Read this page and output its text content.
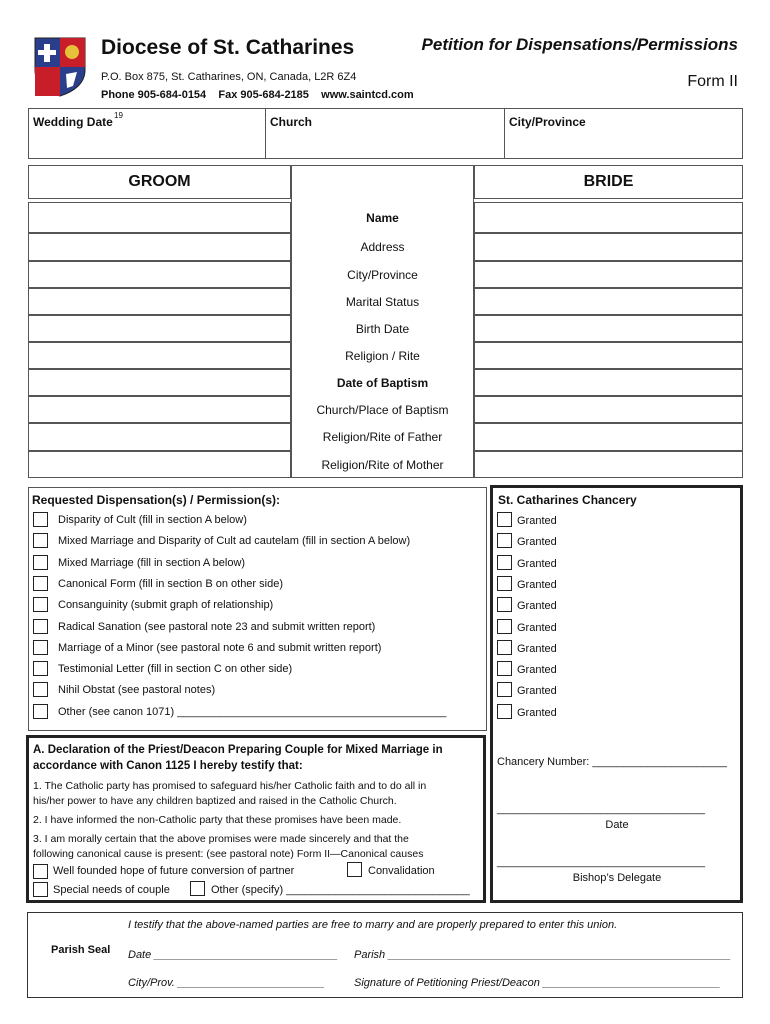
Diocese of St. Catharines
P.O. Box 875, St. Catharines, ON, Canada, L2R 6Z4
Phone 905-684-0154    Fax 905-684-2185    www.saintcd.com
Petition for Dispensations/Permissions
Form II
Wedding Date 19	Church	City/Province
GROOM	BRIDE
Name
Address
City/Province
Marital Status
Birth Date
Religion / Rite
Date of Baptism
Church/Place of Baptism
Religion/Rite of Father
Religion/Rite of Mother
Requested Dispensation(s) / Permission(s):
Disparity of Cult (fill in section A below)
Mixed Marriage and Disparity of Cult ad cautelam (fill in section A below)
Mixed Marriage (fill in section A below)
Canonical Form (fill in section B on other side)
Consanguinity (submit graph of relationship)
Radical Sanation (see pastoral note 23 and submit written report)
Marriage of a Minor (see pastoral note 6 and submit written report)
Testimonial Letter (fill in section C on other side)
Nihil Obstat (see pastoral notes)
Other (see canon 1071) ____________________________________________
St. Catharines Chancery
Granted
Granted
Granted
Granted
Granted
Granted
Granted
Granted
Granted
Granted
Chancery Number: ______________________
__________________________________
Date
__________________________________
Bishop’s Delegate
A. Declaration of the Priest/Deacon Preparing Couple for Mixed Marriage in
accordance with Canon 1125 I hereby testify that:
1. The Catholic party has promised to safeguard his/her Catholic faith and to do all in
his/her power to have any children baptized and raised in the Catholic Church.
2. I have informed the non-Catholic party that these promises have been made.
3. I am morally certain that the above promises were made sincerely and that the
following canonical cause is present: (see pastoral note) Form II—Canonical causes
Well founded hope of future conversion of partner	Convalidation
Special needs of couple	Other (specify) ______________________________
I testify that the above-named parties are free to marry and are properly prepared to enter this union.
Parish Seal Date ______________________________ Parish ________________________________________________________
City/Prov. ________________________	Signature of Petitioning Priest/Deacon _____________________________
